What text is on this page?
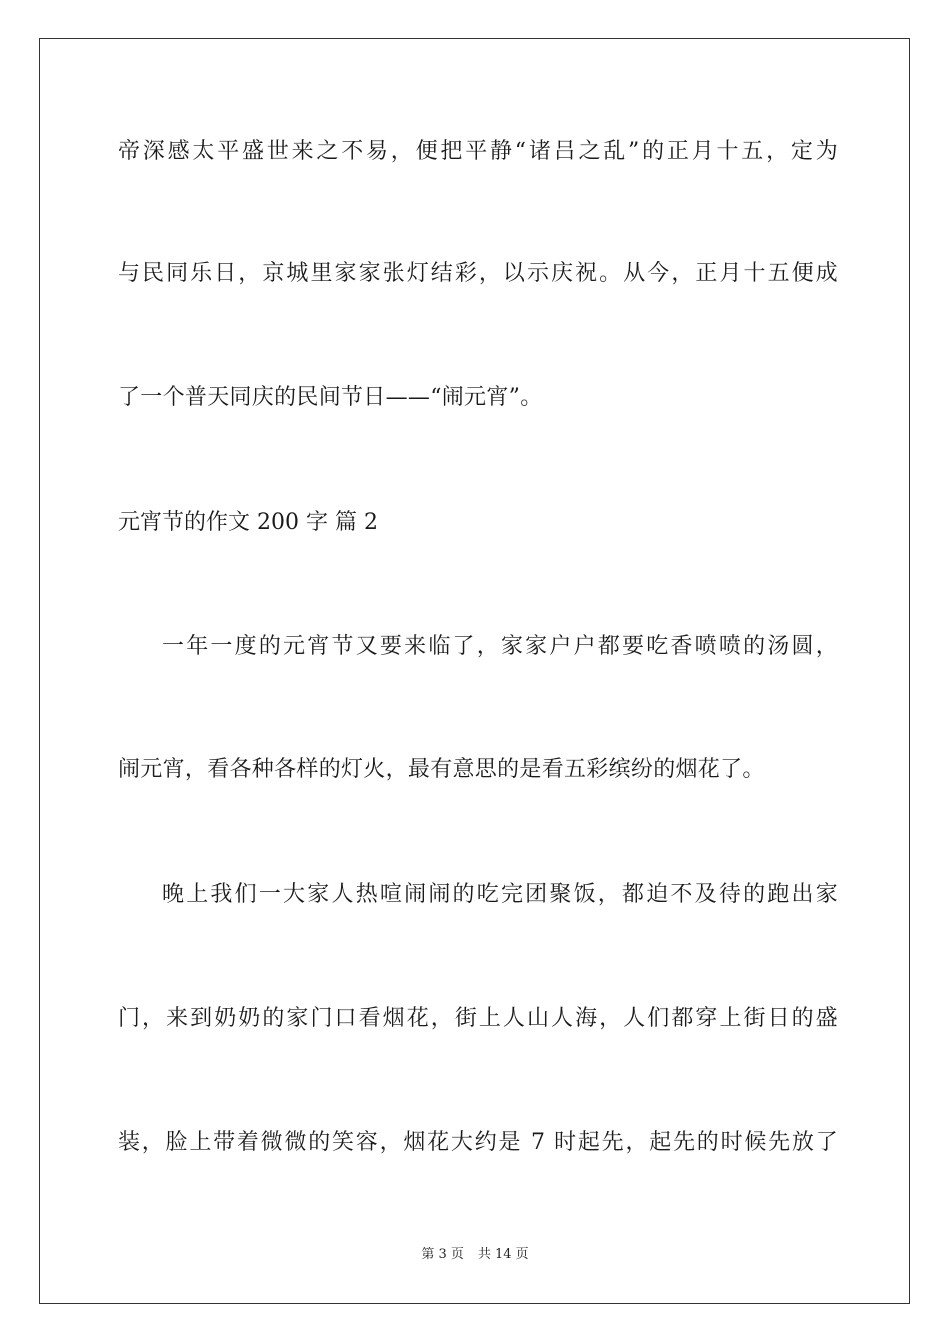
帝深感太平盛世来之不易，便把平静“诸吕之乱”的正月十五，定为
与民同乐日，京城里家家张灯结彩，以示庆祝。从今，正月十五便成
了一个普天同庆的民间节日——“闹元宵”。
元宵节的作文 200 字 篇 2
一年一度的元宵节又要来临了，家家户户都要吃香喷喷的汤圆，
闹元宵，看各种各样的灯火，最有意思的是看五彩缤纷的烟花了。
晚上我们一大家人热喧闹闹的吃完团聚饭，都迫不及待的跑出家
门，来到奶奶的家门口看烟花，街上人山人海，人们都穿上街日的盛
装，脸上带着微微的笑容，烟花大约是 7 时起先，起先的时候先放了
第 3 页 共 14 页
